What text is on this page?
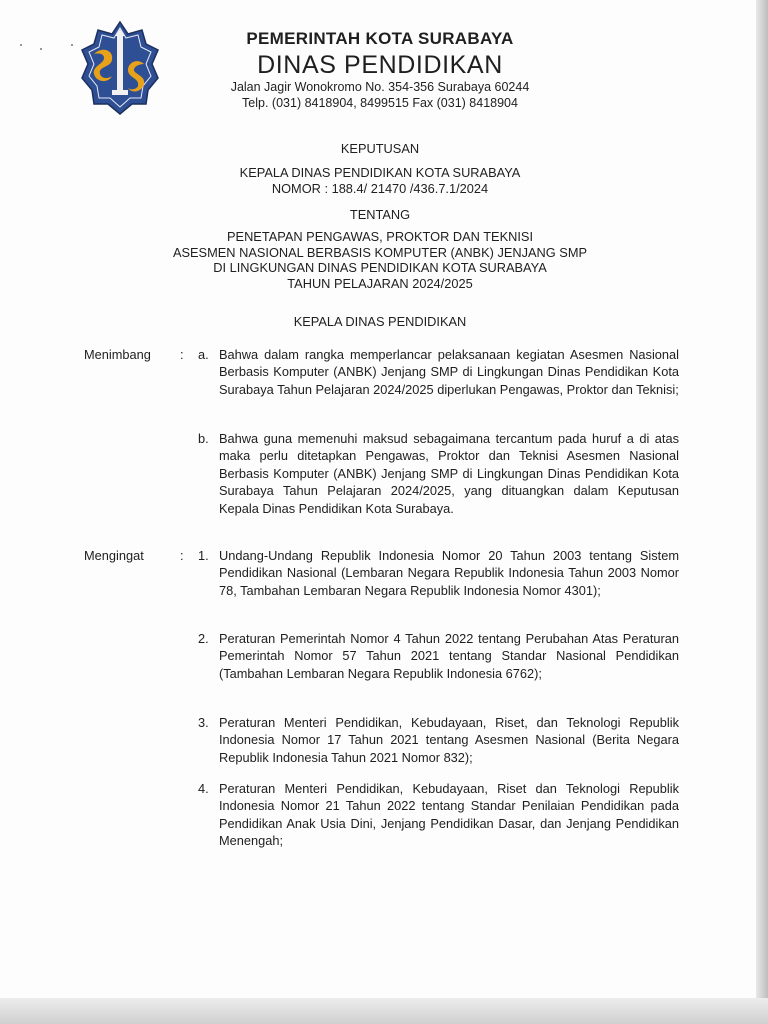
PEMERINTAH KOTA SURABAYA
DINAS PENDIDIKAN
Jalan Jagir Wonokromo No. 354-356 Surabaya 60244
Telp. (031) 8418904, 8499515 Fax (031) 8418904
KEPUTUSAN
KEPALA DINAS PENDIDIKAN KOTA SURABAYA
NOMOR : 188.4/ 21470 /436.7.1/2024
TENTANG
PENETAPAN PENGAWAS, PROKTOR DAN TEKNISI
ASESMEN NASIONAL BERBASIS KOMPUTER (ANBK) JENJANG SMP
DI LINGKUNGAN DINAS PENDIDIKAN KOTA SURABAYA
TAHUN PELAJARAN 2024/2025
KEPALA DINAS PENDIDIKAN
Menimbang : a. Bahwa dalam rangka memperlancar pelaksanaan kegiatan Asesmen Nasional Berbasis Komputer (ANBK) Jenjang SMP di Lingkungan Dinas Pendidikan Kota Surabaya Tahun Pelajaran 2024/2025 diperlukan Pengawas, Proktor dan Teknisi;
b. Bahwa guna memenuhi maksud sebagaimana tercantum pada huruf a di atas maka perlu ditetapkan Pengawas, Proktor dan Teknisi Asesmen Nasional Berbasis Komputer (ANBK) Jenjang SMP di Lingkungan Dinas Pendidikan Kota Surabaya Tahun Pelajaran 2024/2025, yang dituangkan dalam Keputusan Kepala Dinas Pendidikan Kota Surabaya.
Mengingat	: 1. Undang-Undang Republik Indonesia Nomor 20 Tahun 2003 tentang Sistem Pendidikan Nasional (Lembaran Negara Republik Indonesia Tahun 2003 Nomor 78, Tambahan Lembaran Negara Republik Indonesia Nomor 4301);
2. Peraturan Pemerintah Nomor 4 Tahun 2022 tentang Perubahan Atas Peraturan Pemerintah Nomor 57 Tahun 2021 tentang Standar Nasional Pendidikan (Tambahan Lembaran Negara Republik Indonesia 6762);
3. Peraturan Menteri Pendidikan, Kebudayaan, Riset, dan Teknologi Republik Indonesia Nomor 17 Tahun 2021 tentang Asesmen Nasional (Berita Negara Republik Indonesia Tahun 2021 Nomor 832);
4. Peraturan Menteri Pendidikan, Kebudayaan, Riset dan Teknologi Republik Indonesia Nomor 21 Tahun 2022 tentang Standar Penilaian Pendidikan pada Pendidikan Anak Usia Dini, Jenjang Pendidikan Dasar, dan Jenjang Pendidikan Menengah;
